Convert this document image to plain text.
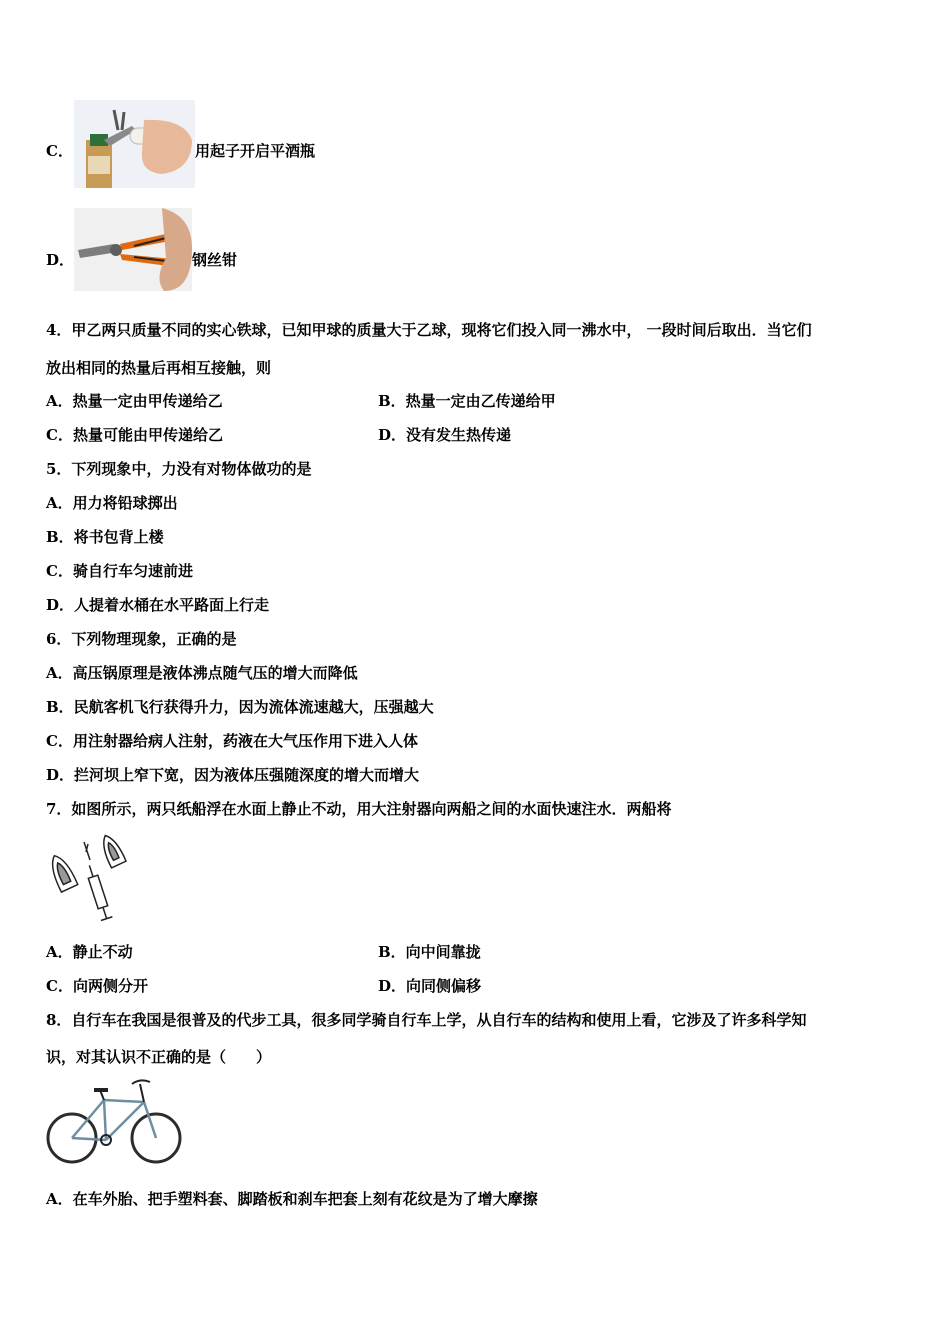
C．	用起子开启平酒瓶
D．	钢丝钳
4．甲乙两只质量不同的实心铁球，已知甲球的质量大于乙球，现将它们投入同一沸水中， 一段时间后取出．当它们
放出相同的热量后再相互接触，则
A．热量一定由甲传递给乙	B．热量一定由乙传递给甲
C．热量可能由甲传递给乙	D．没有发生热传递
5．下列现象中，力没有对物体做功的是
A．用力将铅球掷出
B．将书包背上楼
C．骑自行车匀速前进
D．人提着水桶在水平路面上行走
6．下列物理现象，正确的是
A．高压锅原理是液体沸点随气压的增大而降低
B．民航客机飞行获得升力，因为流体流速越大，压强越大
C．用注射器给病人注射，药液在大气压作用下进入人体
D．拦河坝上窄下宽，因为液体压强随深度的增大而增大
7．如图所示，两只纸船浮在水面上静止不动，用大注射器向两船之间的水面快速注水．两船将
A．静止不动	B．向中间靠拢
C．向两侧分开	D．向同侧偏移
8．自行车在我国是很普及的代步工具，很多同学骑自行车上学，从自行车的结构和使用上看，它涉及了许多科学知
识，对其认识不正确的是（　　）
A．在车外胎、把手塑料套、脚踏板和刹车把套上刻有花纹是为了增大摩擦
